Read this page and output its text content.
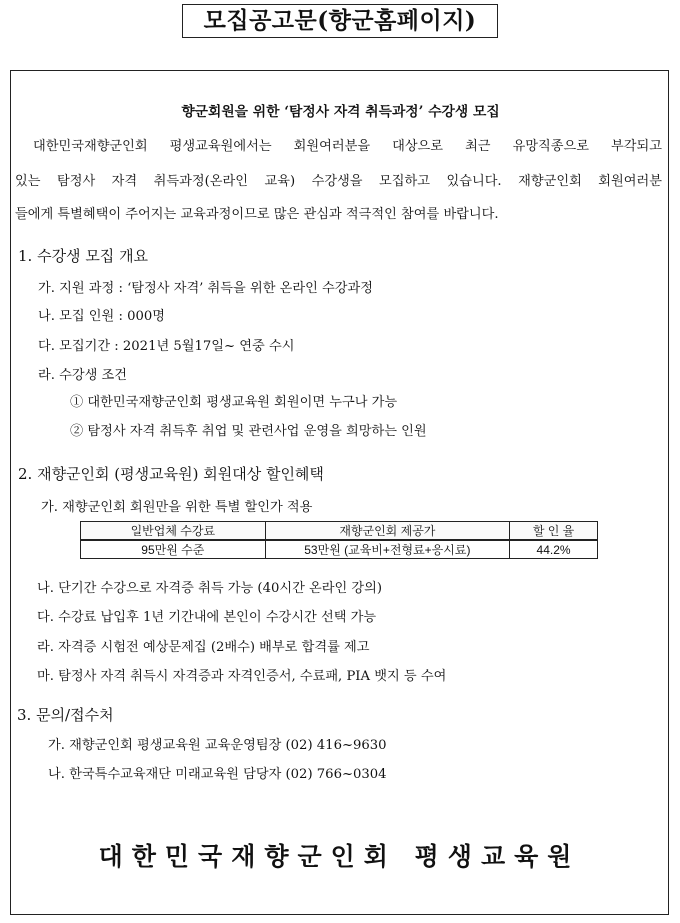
모집공고문(향군홈페이지)
향군회원을 위한 ‘탐정사 자격 취득과정’ 수강생 모집
대한민국재향군인회 평생교육원에서는 회원여러분을 대상으로 최근 유망직종으로 부각되고
있는 탐정사 자격 취득과정(온라인 교육) 수강생을 모집하고 있습니다. 재향군인회 회원여러분
들에게 특별혜택이 주어지는 교육과정이므로 많은 관심과 적극적인 참여를 바랍니다.
1. 수강생 모집 개요
가. 지원 과정 : ‘탐정사 자격’ 취득을 위한 온라인 수강과정
나. 모집 인원 : 000명
다. 모집기간 : 2021년 5월17일~ 연중 수시
라. 수강생 조건
① 대한민국재향군인회 평생교육원 회원이면 누구나 가능
② 탐정사 자격 취득후 취업 및 관련사업 운영을 희망하는 인원
2. 재향군인회 (평생교육원) 회원대상 할인혜택
가. 재향군인회 회원만을 위한 특별 할인가 적용
일반업체 수강료	재향군인회 제공가	할 인 율
95만원 수준	53만원 (교육비+전형료+응시료)	44.2%
나. 단기간 수강으로 자격증 취득 가능 (40시간 온라인 강의)
다. 수강료 납입후 1년 기간내에 본인이 수강시간 선택 가능
라. 자격증 시험전 예상문제집 (2배수) 배부로 합격률 제고
마. 탐정사 자격 취득시 자격증과 자격인증서, 수료패, PIA 뱃지 등 수여
3. 문의/접수처
가. 재향군인회 평생교육원 교육운영팀장 (02) 416~9630
나. 한국특수교육재단 미래교육원 담당자 (02) 766~0304
대한민국재향군인회 평생교육원
